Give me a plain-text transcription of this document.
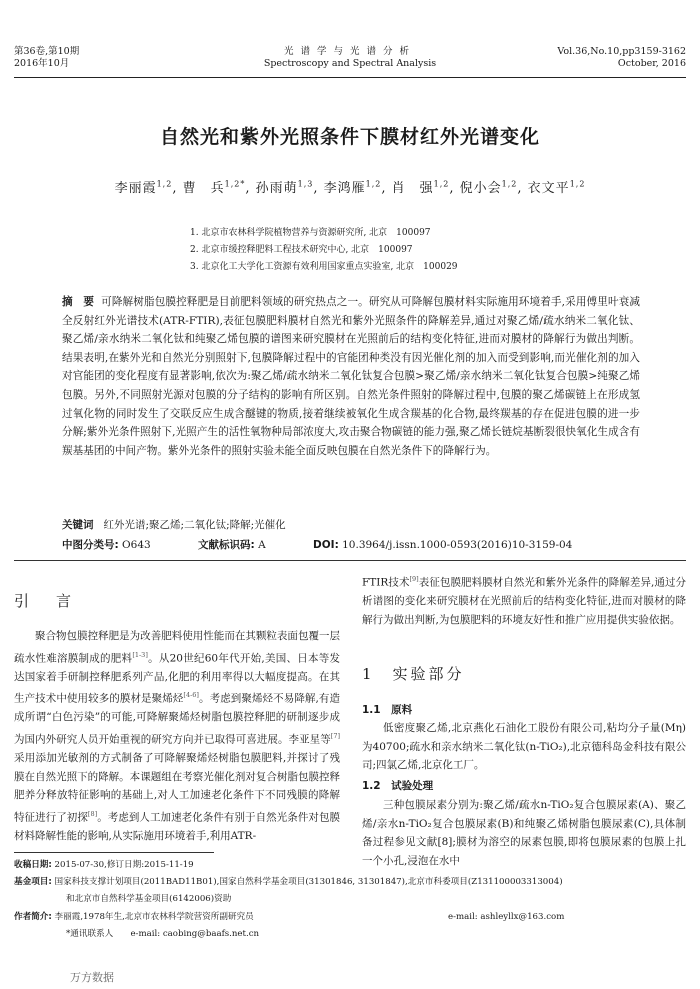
第36卷,第10期
2016年10月
光谱学与光谱分析
Spectroscopy and Spectral Analysis
Vol.36,No.10,pp3159-3162
October, 2016
自然光和紫外光照条件下膜材红外光谱变化
李丽霞$^{1,2}$, 曹　兵$^{1,2*}$, 孙雨萌$^{1,3}$, 李鸿雁$^{1,2}$, 肖　强$^{1,2}$, 倪小会$^{1,2}$, 衣文平$^{1,2}$
1. 北京市农林科学院植物营养与资源研究所, 北京　100097
2. 北京市缓控释肥料工程技术研究中心, 北京　100097
3. 北京化工大学化工资源有效利用国家重点实验室, 北京　100029
摘　要 可降解树脂包膜控释肥是目前肥料领域的研究热点之一。研究从可降解包膜材料实际施用环境着手,采用傅里叶衰减全反射红外光谱技术(ATR-FTIR),表征包膜肥料膜材自然光和紫外光照条件的降解差异,通过对聚乙烯/疏水纳米二氧化钛、聚乙烯/亲水纳米二氧化钛和纯聚乙烯包膜的谱图来研究膜材在光照前后的结构变化特征,进而对膜材的降解行为做出判断。结果表明,在紫外光和自然光分别照射下,包膜降解过程中的官能团种类没有因光催化剂的加入而受到影响,而光催化剂的加入对官能团的变化程度有显著影响,依次为:聚乙烯/疏水纳米二氧化钛复合包膜>聚乙烯/亲水纳米二氧化钛复合包膜>纯聚乙烯包膜。另外,不同照射光源对包膜的分子结构的影响有所区别。自然光条件照射的降解过程中,包膜的聚乙烯碳链上在形成氢过氧化物的同时发生了交联反应生成含醚键的物质,接着继续被氧化生成含羰基的化合物,最终羰基的存在促进包膜的进一步分解;紫外光条件照射下,光照产生的活性氧物种局部浓度大,攻击聚合物碳链的能力强,聚乙烯长链烷基断裂很快氧化生成含有羰基基团的中间产物。紫外光条件的照射实验未能全面反映包膜在自然光条件下的降解行为。
关键词 红外光谱;聚乙烯;二氧化钛;降解;光催化
中图分类号: O643	文献标识码: A	DOI: 10.3964/j.issn.1000-0593(2016)10-3159-04
引　言
聚合物包膜控释肥是为改善肥料使用性能而在其颗粒表面包覆一层疏水性难溶膜制成的肥料[1-3]。从20世纪60年代开始,美国、日本等发达国家着手研制控释肥系列产品,化肥的利用率得以大幅度提高。在其生产技术中使用较多的膜材是聚烯烃[4-6]。考虑到聚烯烃不易降解,有造成所谓“白色污染”的可能,可降解聚烯烃树脂包膜控释肥的研制逐步成为国内外研究人员开始重视的研究方向并已取得可喜进展。李亚星等[7]采用添加光敏剂的方式制备了可降解聚烯烃树脂包膜肥料,并探讨了残膜在自然光照下的降解。本课题组在考察光催化剂对复合树脂包膜控释肥养分释放特征影响的基础上,对人工加速老化条件下不同残膜的降解特征进行了初探[8]。考虑到人工加速老化条件有别于自然光条件对包膜材料降解性能的影响,从实际施用环境着手,利用ATR-
FTIR技术[9]表征包膜肥料膜材自然光和紫外光条件的降解差异,通过分析谱图的变化来研究膜材在光照前后的结构变化特征,进而对膜材的降解行为做出判断,为包膜肥料的环境友好性和推广应用提供实验依据。
1　实验部分
1.1　原料
低密度聚乙烯,北京燕化石油化工股份有限公司,粘均分子量(Mη)为40700;疏水和亲水纳米二氧化钛(n-TiO₂),北京德科岛金科技有限公司;四氯乙烯,北京化工厂。
1.2　试验处理
三种包膜尿素分别为:聚乙烯/疏水n-TiO₂复合包膜尿素(A)、聚乙烯/亲水n-TiO₂复合包膜尿素(B)和纯聚乙烯树脂包膜尿素(C),具体制备过程参见文献[8];膜材为溶空的尿素包膜,即将包膜尿素的包膜上扎一个小孔,浸泡在水中
收稿日期: 2015-07-30,修订日期:2015-11-19
基金项目: 国家科技支撑计划项目(2011BAD11B01),国家自然科学基金项目(31301846, 31301847),北京市科委项目(Z131100003313004)
和北京市自然科学基金项目(6142006)资助
作者简介: 李丽霞,1978年生,北京市农林科学院营资所副研究员	e-mail: ashleyllx@163.com
*通讯联系人　　e-mail: caobing@baafs.net.cn
万方数据
